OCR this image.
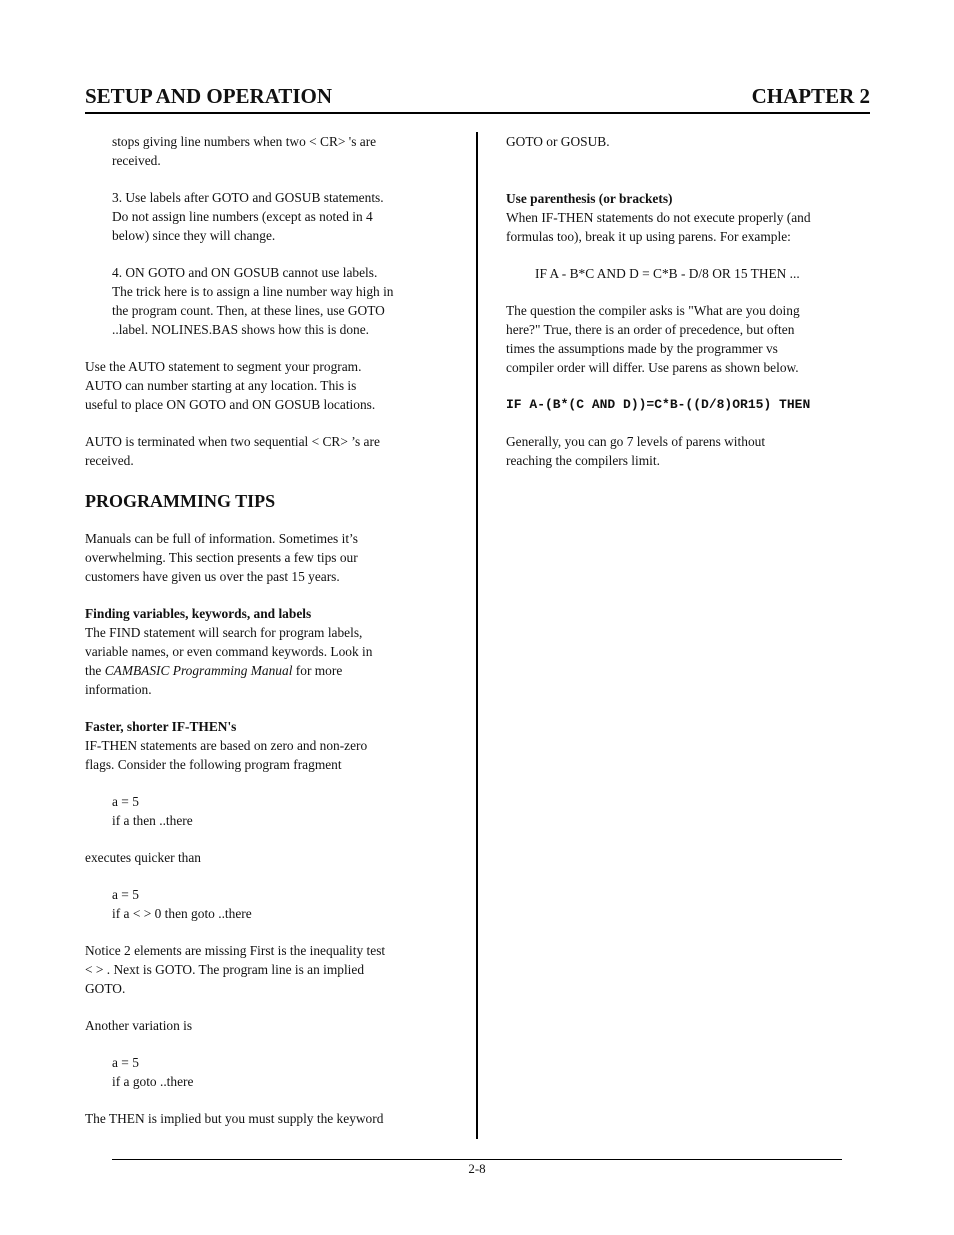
SETUP AND OPERATION	CHAPTER 2

stops giving line numbers when two < CR> 's are

received.

3. Use labels after GOTO and GOSUB statements.

Do not assign line numbers (except as noted in 4

below) since they will change.

4. ON GOTO and ON GOSUB cannot use labels.

The trick here is to assign a line number way high in

the program count. Then, at these lines, use GOTO

..label. NOLINES.BAS shows how this is done.

Use the AUTO statement to segment your program.

AUTO can number starting at any location. This is

useful to place ON GOTO and ON GOSUB locations.

AUTO is terminated when two sequential < CR> ’s are

received.

PROGRAMMING TIPS

Manuals can be full of information. Sometimes it’s

overwhelming. This section presents a few tips our

customers have given us over the past 15 years.

Finding variables, keywords, and labels

The FIND statement will search for program labels,

variable names, or even command keywords. Look in

the CAMBASIC Programming Manual for more

information.

Faster, shorter IF-THEN's

IF-THEN statements are based on zero and non-zero

flags. Consider the following program fragment

a = 5

if a then ..there

executes quicker than

a = 5

if a < > 0 then goto ..there

Notice 2 elements are missing First is the inequality test

< > . Next is GOTO. The program line is an implied

GOTO.

Another variation is

a = 5

if a goto ..there

The THEN is implied but you must supply the keyword

GOTO or GOSUB.

Use parenthesis (or brackets)

When IF-THEN statements do not execute properly (and

formulas too), break it up using parens. For example:

IF A - B*C AND D = C*B - D/8 OR 15 THEN ...

The question the compiler asks is "What are you doing

here?" True, there is an order of precedence, but often

times the assumptions made by the programmer vs

compiler order will differ. Use parens as shown below.

IF A-(B*(C AND D))=C*B-((D/8)OR15) THEN

Generally, you can go 7 levels of parens without

reaching the compilers limit.

2-8
